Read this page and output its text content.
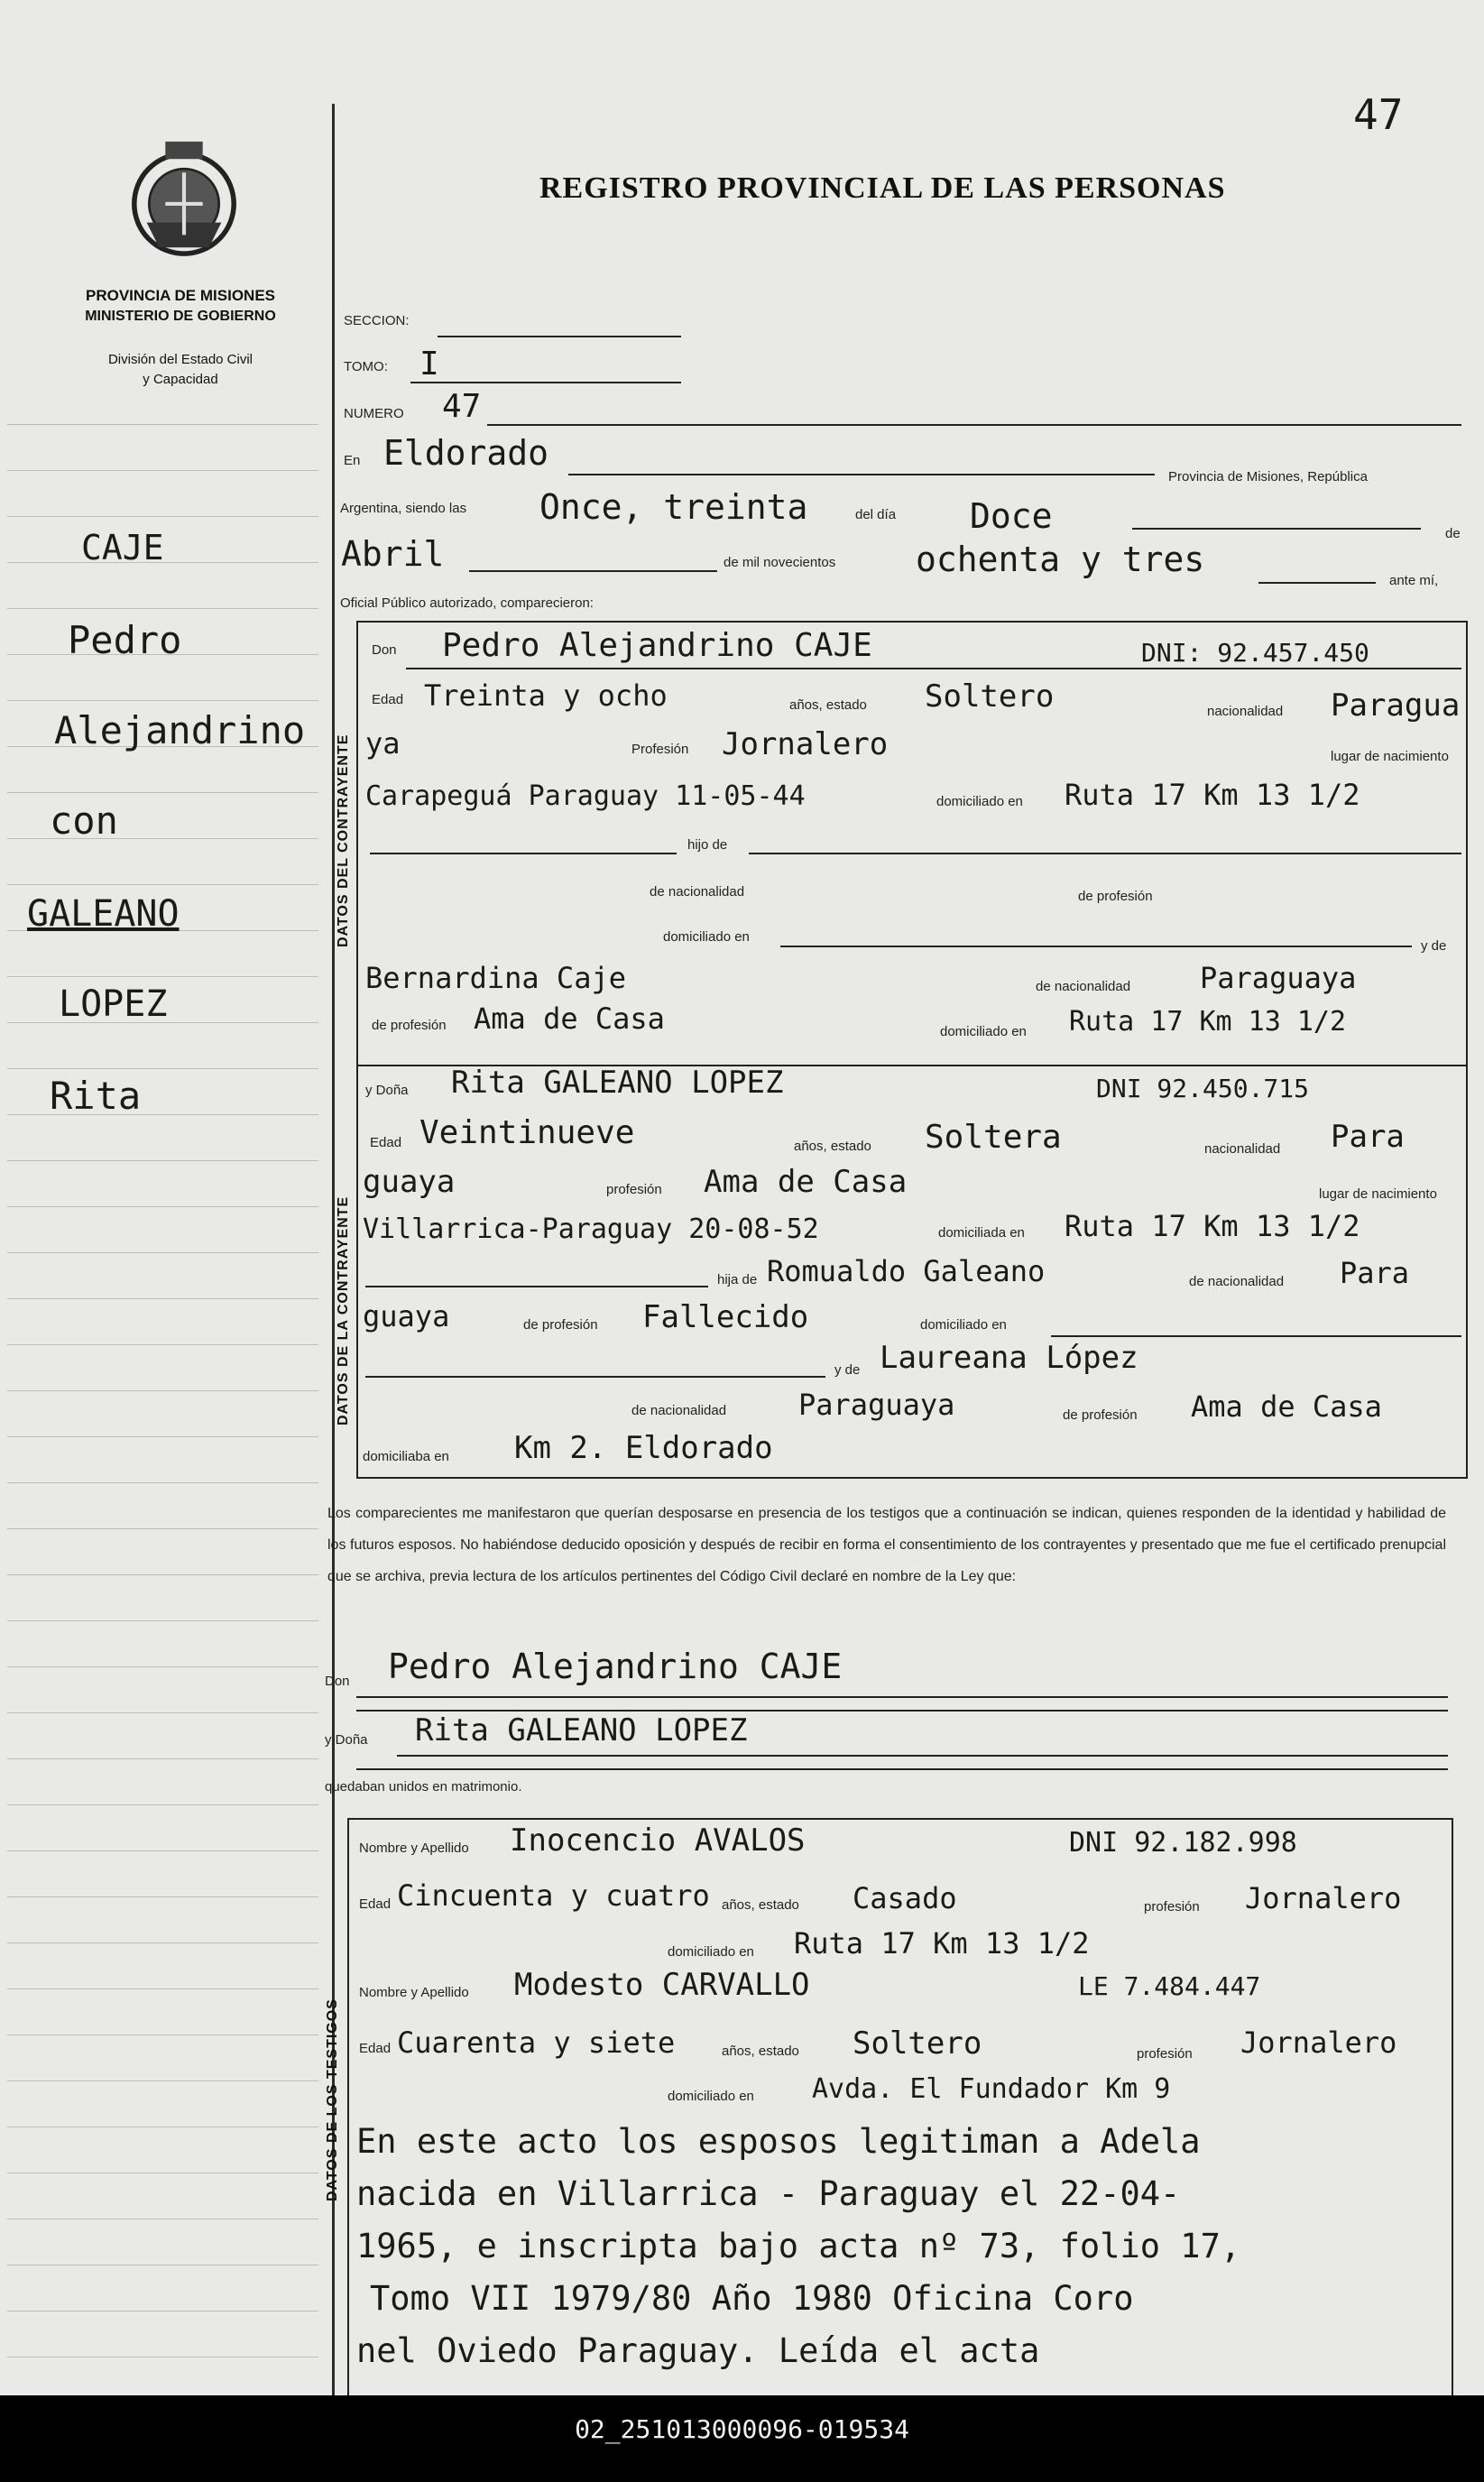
47
PROVINCIA DE MISIONES
MINISTERIO DE GOBIERNO
División del Estado Civil
y Capacidad
CAJE
Pedro
Alejandrino
con
GALEANO
LOPEZ
Rita
REGISTRO PROVINCIAL DE LAS PERSONAS
SECCION:
TOMO: I
NUMERO 47
En Eldorado
Provincia de Misiones, República
Argentina, siendo las Once, treinta	del día Doce	de
Abril	de mil novecientos ochenta y tres
ante mí,
Oficial Público autorizado, comparecieron:
DATOS DEL CONTRAYENTE
Don Pedro Alejandrino CAJE	DNI: 92.457.450
Edad Treinta y ocho	años, estado Soltero	nacionalidad Paragua
ya	Profesión Jornalero	lugar de nacimiento
Carapeguá Paraguay 11-05-44	domiciliado en Ruta 17 Km 13 1/2
hijo de
de nacionalidad	de profesión
domiciliado en
y de
Bernardina Caje	de nacionalidad Paraguaya
de profesión Ama de Casa	domiciliado en Ruta 17 Km 13 1/2
DATOS DE LA CONTRAYENTE
y Doña Rita GALEANO LOPEZ	DNI 92.450.715
Edad Veintinueve	años, estado Soltera	nacionalidad Para
guaya	profesión Ama de Casa	lugar de nacimiento
Villarrica-Paraguay 20-08-52	domiciliada en Ruta 17 Km 13 1/2
hija de Romualdo Galeano	de nacionalidad Para
guaya	de profesión Fallecido	domiciliado en
y de Laureana López
de nacionalidad Paraguaya	de profesión Ama de Casa
domiciliaba en Km 2. Eldorado
Los comparecientes me manifestaron que querían desposarse en presencia de los testigos que a continuación se indican, quienes responden de la identidad y habilidad de los futuros esposos. No habiéndose deducido oposición y después de recibir en forma el consentimiento de los contrayentes y presentado que me fue el certificado prenupcial que se archiva, previa lectura de los artículos pertinentes del Código Civil declaré en nombre de la Ley que:
Don Pedro Alejandrino CAJE
y Doña Rita GALEANO LOPEZ
quedaban unidos en matrimonio.
DATOS DE LOS TESTIGOS
Nombre y Apellido Inocencio AVALOS	DNI 92.182.998
Edad Cincuenta y cuatro años, estado Casado	profesión Jornalero
domiciliado en Ruta 17 Km 13 1/2
Nombre y Apellido Modesto CARVALLO	LE 7.484.447
Edad Cuarenta y siete	años, estado Soltero	profesión Jornalero
domiciliado en Avda. El Fundador Km 9
En este acto los esposos legitiman a Adela
nacida en Villarrica - Paraguay el 22-04-
1965, e inscripta bajo acta nº 73, folio 17,
Tomo VII 1979/80 Año 1980 Oficina Coro
nel Oviedo Paraguay. Leída el acta
02_251013000096-019534
